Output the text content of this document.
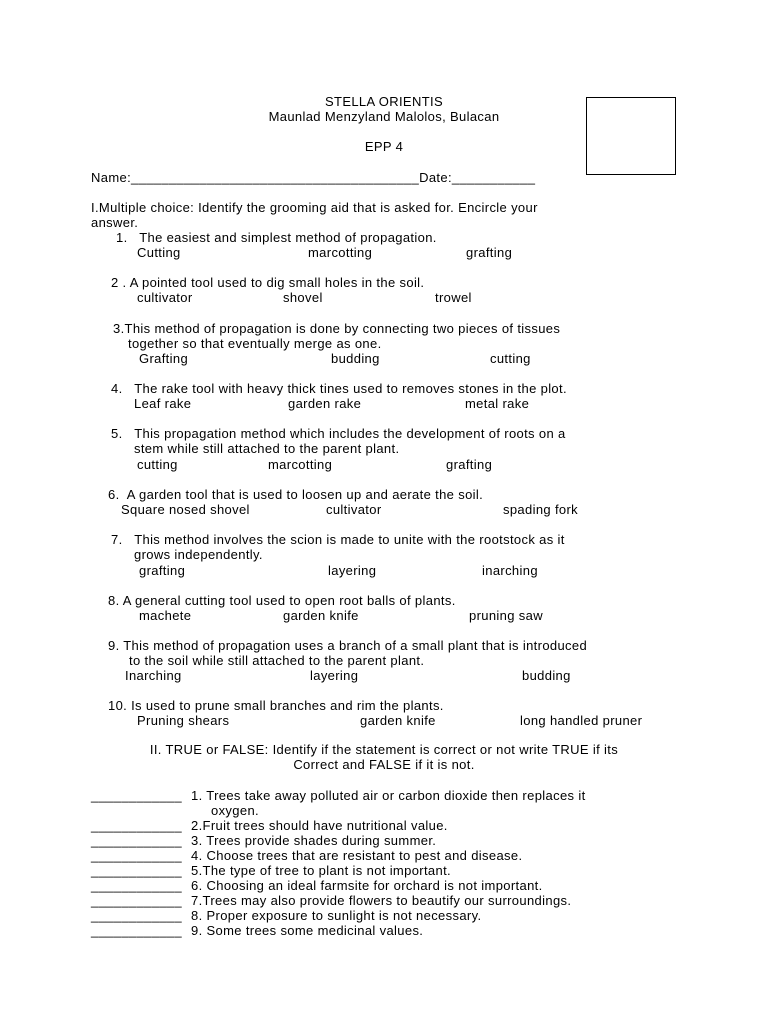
STELLA ORIENTIS
Maunlad Menzyland Malolos, Bulacan
EPP 4
Name:______________________________________Date:___________
I.Multiple choice: Identify the grooming aid that is asked for. Encircle your
answer.
1.   The easiest and simplest method of propagation.
Cutting	marcotting	grafting
2 . A pointed tool used to dig small holes in the soil.
cultivator	shovel	trowel
3.This method of propagation is done by connecting two pieces of tissues
together so that eventually merge as one.
Grafting	budding	cutting
4.   The rake tool with heavy thick tines used to removes stones in the plot.
Leaf rake	garden rake	metal rake
5.   This propagation method which includes the development of roots on a
stem while still attached to the parent plant.
cutting	marcotting	grafting
6.  A garden tool that is used to loosen up and aerate the soil.
Square nosed shovel	cultivator	spading fork
7.   This method involves the scion is made to unite with the rootstock as it
grows independently.
grafting	layering	inarching
8. A general cutting tool used to open root balls of plants.
machete	garden knife	pruning saw
9. This method of propagation uses a branch of a small plant that is introduced
to the soil while still attached to the parent plant.
Inarching	layering	budding
10. Is used to prune small branches and rim the plants.
Pruning shears	garden knife	long handled pruner
II. TRUE or FALSE: Identify if the statement is correct or not write TRUE if its
Correct and FALSE if it is not.
____________ 1. Trees take away polluted air or carbon dioxide then replaces it
oxygen.
____________ 2.Fruit trees should have nutritional value.
____________ 3. Trees provide shades during summer.
____________ 4. Choose trees that are resistant to pest and disease.
____________ 5.The type of tree to plant is not important.
____________ 6. Choosing an ideal farmsite for orchard is not important.
____________ 7.Trees may also provide flowers to beautify our surroundings.
____________ 8. Proper exposure to sunlight is not necessary.
____________ 9. Some trees some medicinal values.
